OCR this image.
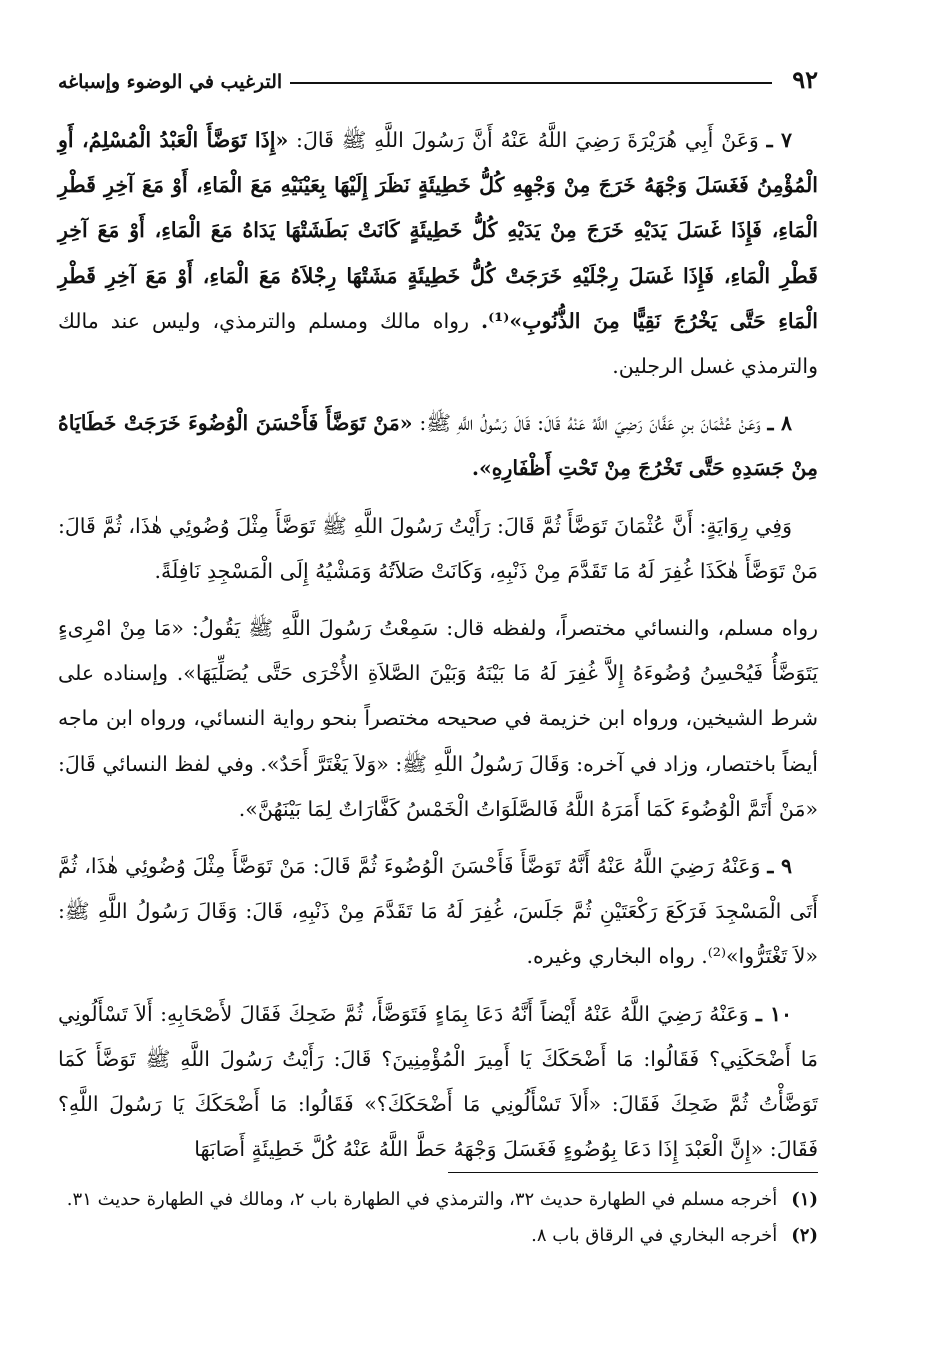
٩٢
الترغيب في الوضوء وإسباغه

٧ ـ وَعَنْ أَبِي هُرَيْرَةَ رَضِيَ اللَّهُ عَنْهُ أَنَّ رَسُولَ اللَّهِ ﷺ قَالَ: «إِذَا تَوَضَّأَ الْعَبْدُ الْمُسْلِمُ، أَوِ الْمُؤْمِنُ فَغَسَلَ وَجْهَهُ خَرَجَ مِنْ وَجْهِهِ كُلُّ خَطِيئَةٍ نَظَرَ إِلَيْهَا بِعَيْنَيْهِ مَعَ الْمَاءِ، أَوْ مَعَ آخِرِ قَطْرِ الْمَاءِ، فَإِذَا غَسَلَ يَدَيْهِ خَرَجَ مِنْ يَدَيْهِ كُلُّ خَطِيئَةٍ كَانَتْ بَطَشَتْهَا يَدَاهُ مَعَ الْمَاءِ، أَوْ مَعَ آخِرِ قَطْرِ الْمَاءِ، فَإِذَا غَسَلَ رِجْلَيْهِ خَرَجَتْ كُلُّ خَطِيئَةٍ مَشَتْهَا رِجْلاَهُ مَعَ الْمَاءِ، أَوْ مَعَ آخِرِ قَطْرِ الْمَاءِ حَتَّى يَخْرُجَ نَقِيًّا مِنَ الذُّنُوبِ»⁽¹⁾. رواه مالك ومسلم والترمذي، وليس عند مالك والترمذي غسل الرجلين.

٨ ـ وَعَنْ عُثْمَانَ بنِ عَفَّانَ رَضِيَ اللَّهُ عَنْهُ قَالَ: قَالَ رَسُولُ اللَّهِ ﷺ: «مَنْ تَوَضَّأَ فَأَحْسَنَ الْوُضُوءَ خَرَجَتْ خَطَايَاهُ مِنْ جَسَدِهِ حَتَّى تَخْرُجَ مِنْ تَحْتِ أَظْفَارِهِ».

وَفِي رِوَايَةٍ: أَنَّ عُثْمَانَ تَوَضَّأَ ثُمَّ قَالَ: رَأَيْتُ رَسُولَ اللَّهِ ﷺ تَوَضَّأَ مِثْلَ وُضُوئِي هٰذَا، ثُمَّ قَالَ: مَنْ تَوَضَّأَ هٰكَذَا غُفِرَ لَهُ مَا تَقَدَّمَ مِنْ ذَنْبِهِ، وَكَانَتْ صَلاَتُهُ وَمَشْيُهُ إِلَى الْمَسْجِدِ نَافِلَةً.

رواه مسلم، والنسائي مختصراً، ولفظه قال: سَمِعْتُ رَسُولَ اللَّهِ ﷺ يَقُولُ: «مَا مِنْ امْرِىءٍ يَتَوَضَّأُ فَيُحْسِنُ وُضُوءَهُ إِلاَّ غُفِرَ لَهُ مَا بَيْنَهُ وَبَيْنَ الصَّلاَةِ الأُخْرَى حَتَّى يُصَلِّيَهَا». وإسناده على شرط الشيخين، ورواه ابن خزيمة في صحيحه مختصراً بنحو رواية النسائي، ورواه ابن ماجه أيضاً باختصار، وزاد في آخره: وَقَالَ رَسُولُ اللَّهِ ﷺ: «وَلاَ يَغْتَرَّ أَحَدٌ». وفي لفظ النسائي قَالَ: «مَنْ أَتَمَّ الْوُضُوءَ كَمَا أَمَرَهُ اللَّهُ فَالصَّلَوَاتُ الْخَمْسُ كَفَّارَاتٌ لِمَا بَيْنَهُنَّ».

٩ ـ وَعَنْهُ رَضِيَ اللَّهُ عَنْهُ أَنَّهُ تَوَضَّأَ فَأَحْسَنَ الْوُضُوءَ ثُمَّ قَالَ: مَنْ تَوَضَّأَ مِثْلَ وُضُوئِي هٰذَا، ثُمَّ أَتَى الْمَسْجِدَ فَرَكَعَ رَكْعَتَيْنِ ثُمَّ جَلَسَ، غُفِرَ لَهُ مَا تَقَدَّمَ مِنْ ذَنْبِهِ، قَالَ: وَقَالَ رَسُولُ اللَّهِ ﷺ: «لاَ تَغْتَرُّوا»⁽²⁾. رواه البخاري وغيره.

١٠ ـ وَعَنْهُ رَضِيَ اللَّهُ عَنْهُ أَيْضاً أَنَّهُ دَعَا بِمَاءٍ فَتَوَضَّأَ، ثُمَّ ضَحِكَ فَقَالَ لأَصْحَابِهِ: أَلاَ تَسْأَلُونِي مَا أَضْحَكَنِي؟ فَقَالُوا: مَا أَضْحَكَكَ يَا أَمِيرَ الْمُؤْمِنِينَ؟ قَالَ: رَأَيْتُ رَسُولَ اللَّهِ ﷺ تَوَضَّأَ كَمَا تَوَضَّأْتُ ثُمَّ ضَحِكَ فَقَالَ: «أَلاَ تَسْأَلُونِي مَا أَضْحَكَكَ؟» فَقَالُوا: مَا أَضْحَكَكَ يَا رَسُولَ اللَّهِ؟ فَقَالَ: «إِنَّ الْعَبْدَ إِذَا دَعَا بِوُضُوءٍ فَغَسَلَ وَجْهَهُ حَطَّ اللَّهُ عَنْهُ كُلَّ خَطِيئَةٍ أَصَابَهَا

(١)
أخرجه مسلم في الطهارة حديث ٣٢، والترمذي في الطهارة باب ٢، ومالك في الطهارة حديث ٣١.
(٢)
أخرجه البخاري في الرقاق باب ٨.
